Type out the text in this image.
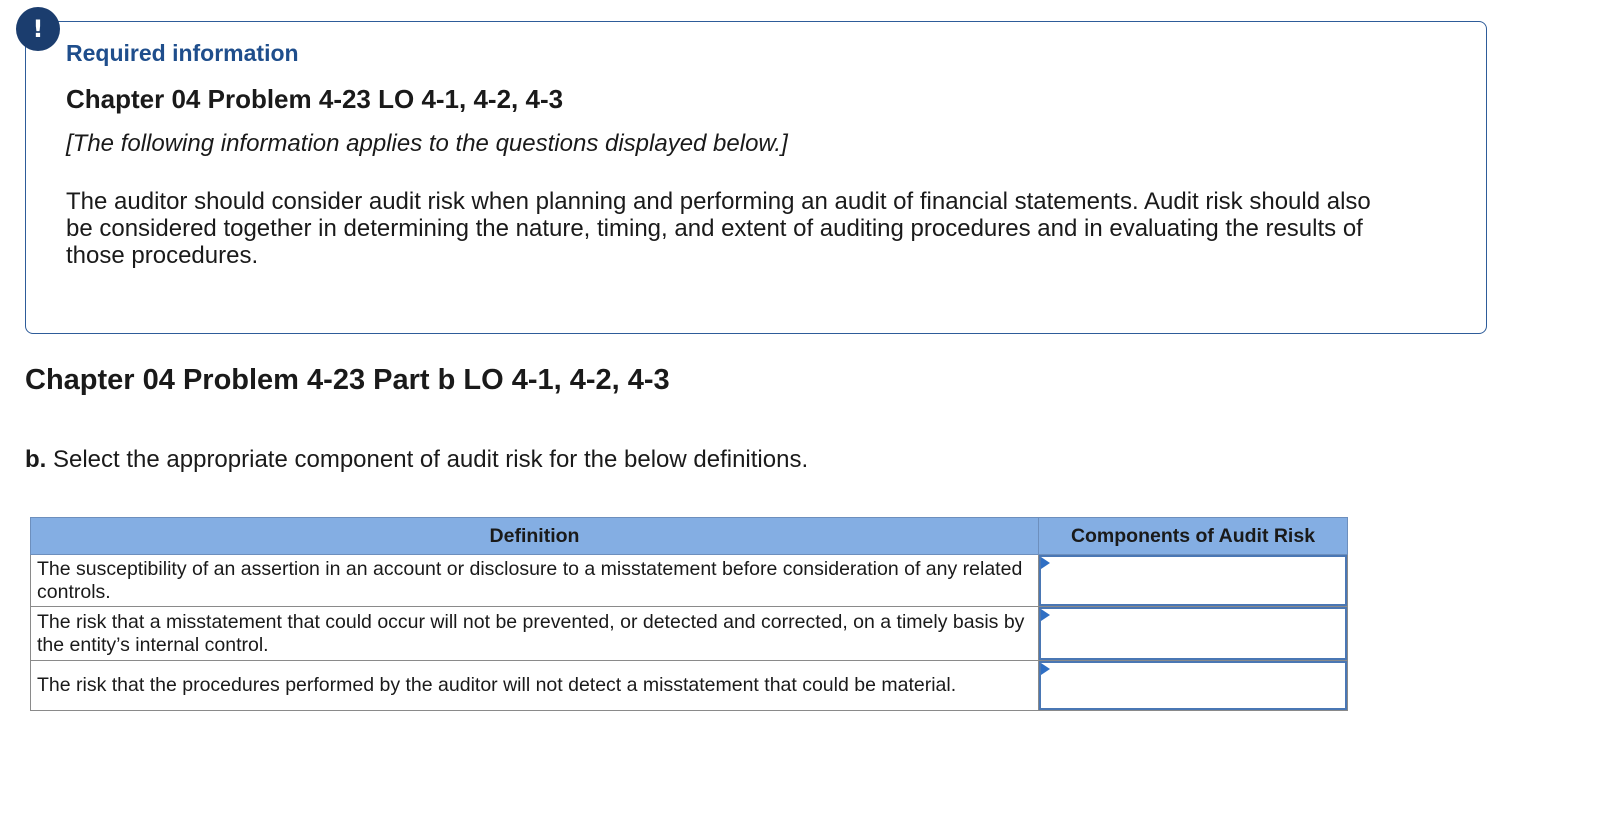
!
Required information
Chapter 04 Problem 4-23 LO 4-1, 4-2, 4-3

[The following information applies to the questions displayed below.]

The auditor should consider audit risk when planning and performing an audit of financial statements. Audit risk should also be considered together in determining the nature, timing, and extent of auditing procedures and in evaluating the results of those procedures.

Chapter 04 Problem 4-23 Part b LO 4-1, 4-2, 4-3

b. Select the appropriate component of audit risk for the below definitions.

Definition	Components of Audit Risk
The susceptibility of an assertion in an account or disclosure to a misstatement before consideration of any related controls.	

The risk that a misstatement that could occur will not be prevented, or detected and corrected, on a timely basis by the entity’s internal control.	

The risk that the procedures performed by the auditor will not detect a misstatement that could be material.	
